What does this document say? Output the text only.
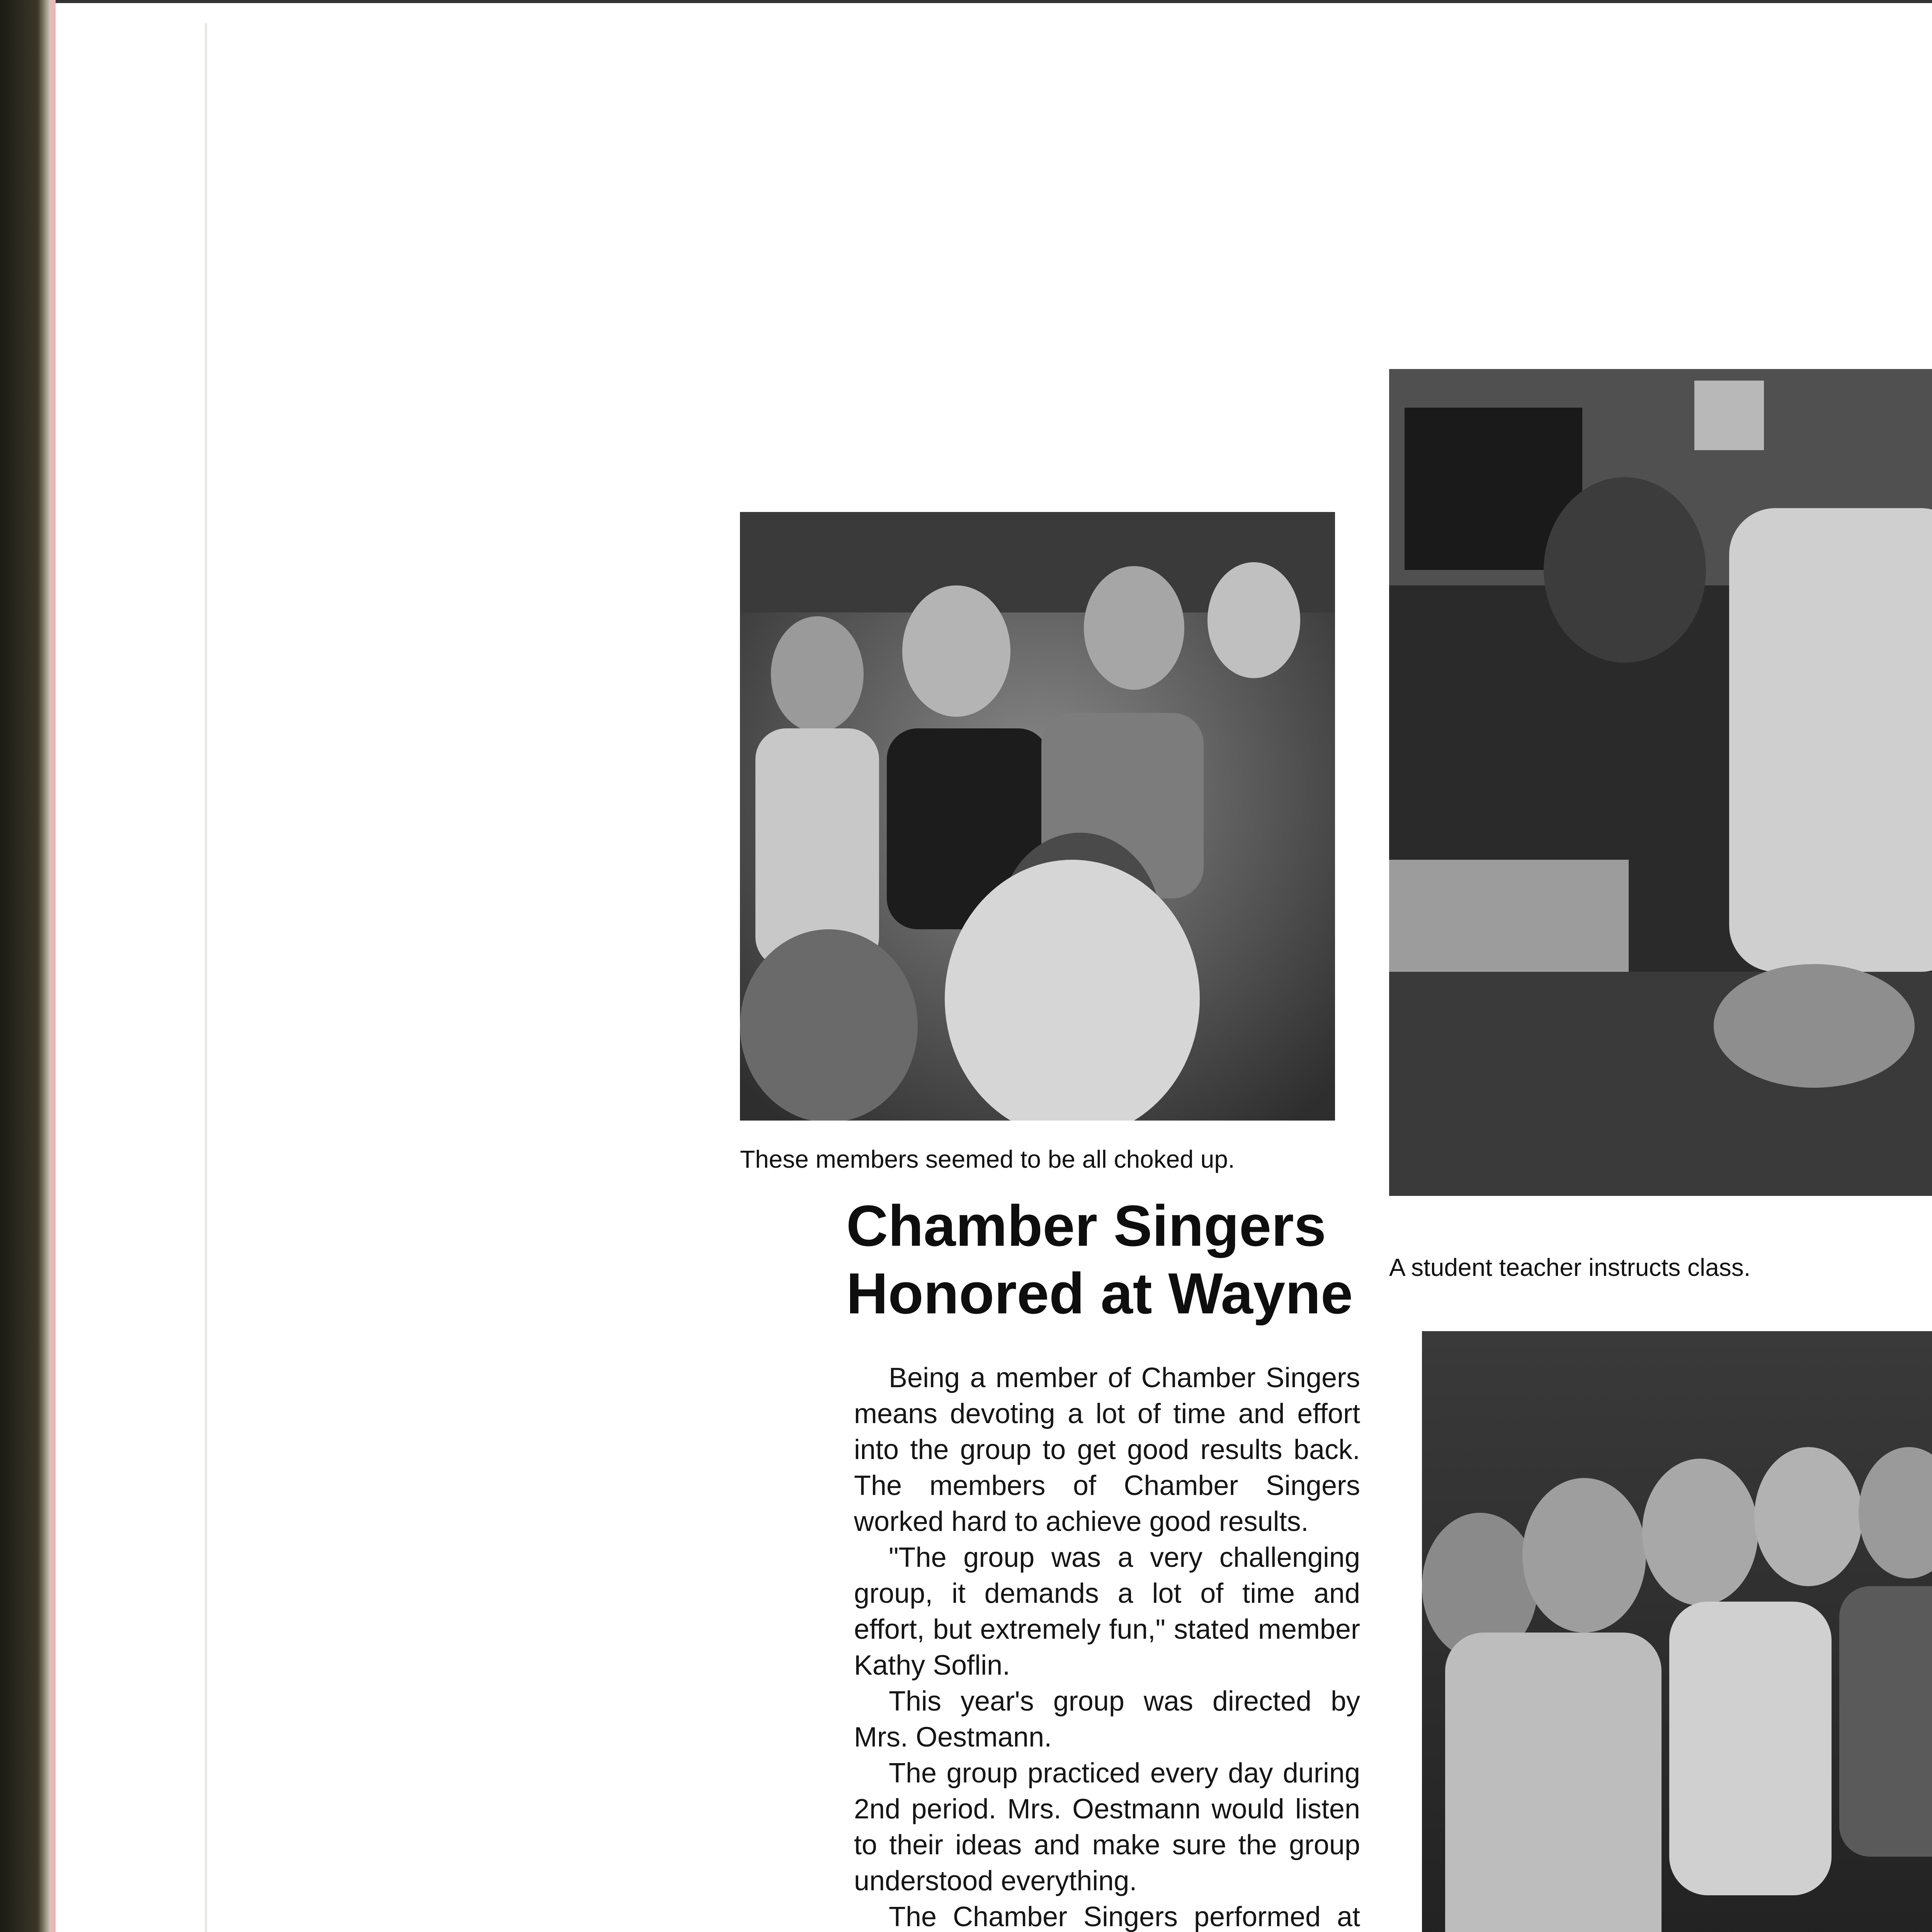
These members seemed to be all choked up.
A student teacher instructs class.
Chamber Singers
Honored at Wayne

Being a member of Chamber Singers means devoting a lot of time and effort into the group to get good results back. The members of Chamber Singers worked hard to achieve good results.

"The group was a very challenging group, it demands a lot of time and effort, but extremely fun," stated member Kathy Soflin.

This year's group was directed by Mrs. Oestmann.

The group practiced every day during 2nd period. Mrs. Oestmann would listen to their ideas and make sure the group understood everything.

The Chamber Singers performed at
